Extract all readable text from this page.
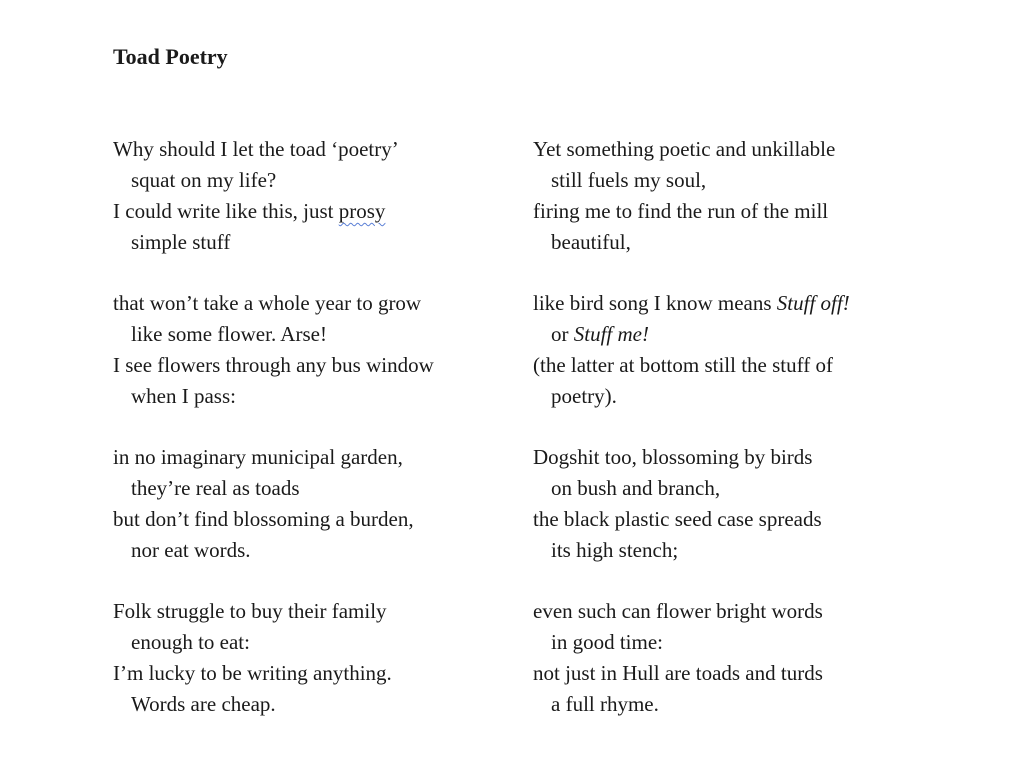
Toad Poetry
Why should I let the toad ‘poetry’
squat on my life?
I could write like this, just prosy
simple stuff
that won’t take a whole year to grow
like some flower. Arse!
I see flowers through any bus window
when I pass:
in no imaginary municipal garden,
they’re real as toads
but don’t find blossoming a burden,
nor eat words.
Folk struggle to buy their family
enough to eat:
I’m lucky to be writing anything.
Words are cheap.
Yet something poetic and unkillable
still fuels my soul,
firing me to find the run of the mill
beautiful,
like bird song I know means Stuff off!
or Stuff me!
(the latter at bottom still the stuff of
poetry).
Dogshit too, blossoming by birds
on bush and branch,
the black plastic seed case spreads
its high stench;
even such can flower bright words
in good time:
not just in Hull are toads and turds
a full rhyme.
